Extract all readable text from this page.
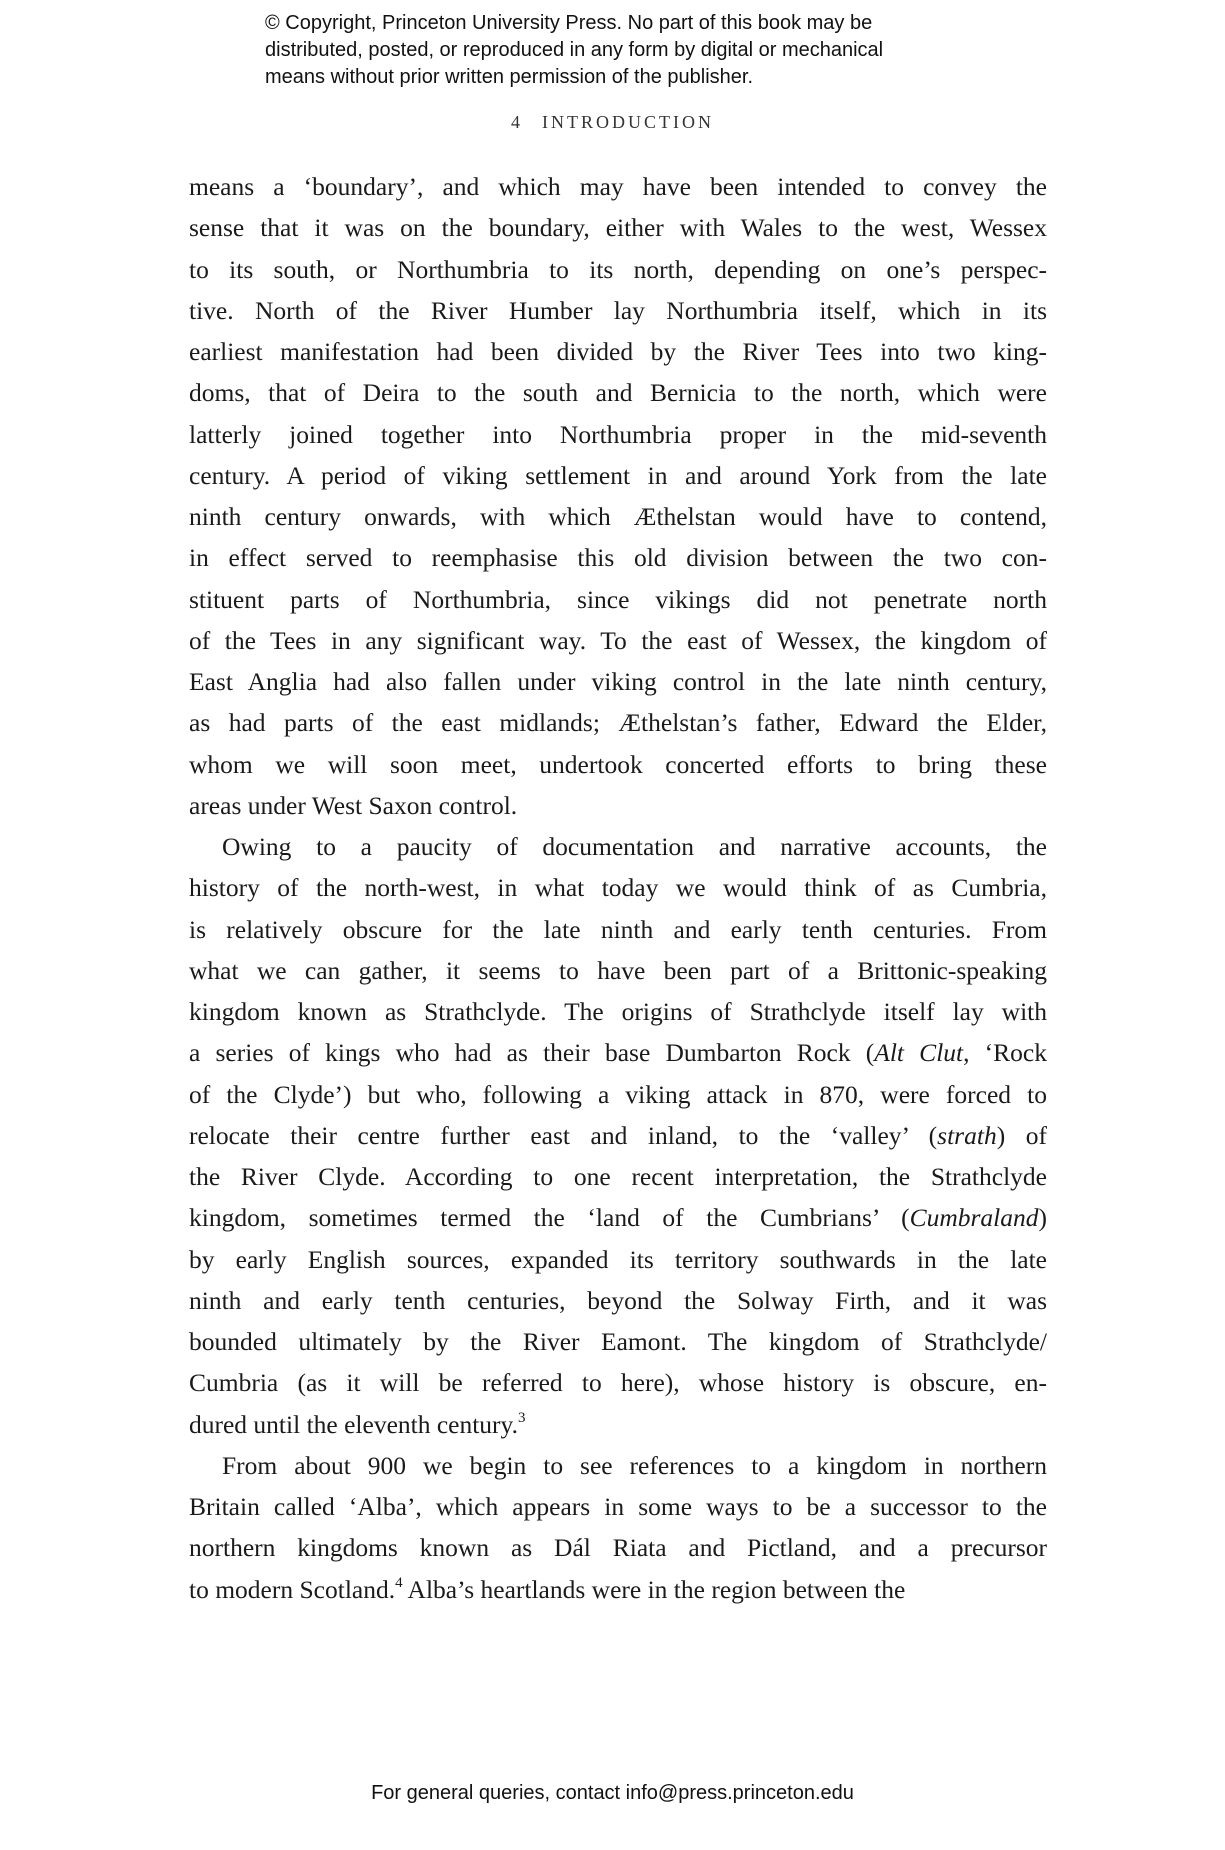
© Copyright, Princeton University Press. No part of this book may be
distributed, posted, or reproduced in any form by digital or mechanical
means without prior written permission of the publisher.
4 INTRODUCTION
means a ‘boundary’, and which may have been intended to convey the
sense that it was on the boundary, either with Wales to the west, Wessex
to its south, or Northumbria to its north, depending on one’s perspec-
tive. North of the River Humber lay Northumbria itself, which in its
earliest manifestation had been divided by the River Tees into two king-
doms, that of Deira to the south and Bernicia to the north, which were
latterly joined together into Northumbria proper in the mid-seventh
century. A period of viking settlement in and around York from the late
ninth century onwards, with which Æthelstan would have to contend,
in effect served to reemphasise this old division between the two con-
stituent parts of Northumbria, since vikings did not penetrate north
of the Tees in any significant way. To the east of Wessex, the kingdom of
East Anglia had also fallen under viking control in the late ninth century,
as had parts of the east midlands; Æthelstan’s father, Edward the Elder,
whom we will soon meet, undertook concerted efforts to bring these
areas under West Saxon control.
Owing to a paucity of documentation and narrative accounts, the
history of the north-west, in what today we would think of as Cumbria,
is relatively obscure for the late ninth and early tenth centuries. From
what we can gather, it seems to have been part of a Brittonic-speaking
kingdom known as Strathclyde. The origins of Strathclyde itself lay with
a series of kings who had as their base Dumbarton Rock (Alt Clut, ‘Rock
of the Clyde’) but who, following a viking attack in 870, were forced to
relocate their centre further east and inland, to the ‘valley’ (strath) of
the River Clyde. According to one recent interpretation, the Strathclyde
kingdom, sometimes termed the ‘land of the Cumbrians’ (Cumbraland)
by early English sources, expanded its territory southwards in the late
ninth and early tenth centuries, beyond the Solway Firth, and it was
bounded ultimately by the River Eamont. The kingdom of Strathclyde/
Cumbria (as it will be referred to here), whose history is obscure, en-
dured until the eleventh century.$^3$
From about 900 we begin to see references to a kingdom in northern
Britain called ‘Alba’, which appears in some ways to be a successor to the
northern kingdoms known as Dál Riata and Pictland, and a precursor
to modern Scotland.$^4$ Alba’s heartlands were in the region between the
For general queries, contact info@press.princeton.edu
